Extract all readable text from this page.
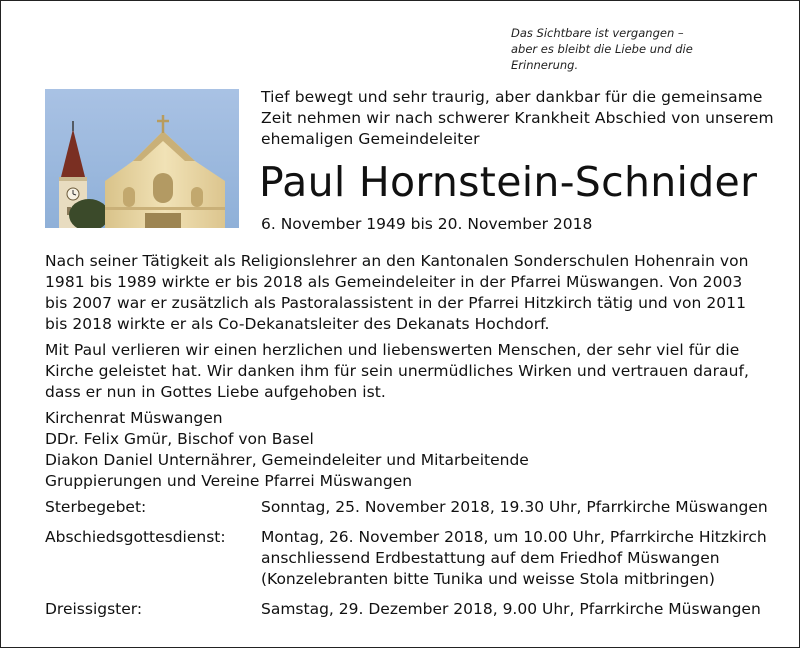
Das Sichtbare ist vergangen –
aber es bleibt die Liebe und die Erinnerung.
Tief bewegt und sehr traurig, aber dankbar für die gemeinsame
Zeit nehmen wir nach schwerer Krankheit Abschied von unserem
ehemaligen Gemeindeleiter
Paul Hornstein-Schnider
6. November 1949 bis 20. November 2018
Nach seiner Tätigkeit als Religionslehrer an den Kantonalen Sonderschulen Hohenrain von
1981 bis 1989 wirkte er bis 2018 als Gemeindeleiter in der Pfarrei Müswangen. Von 2003
bis 2007 war er zusätzlich als Pastoralassistent in der Pfarrei Hitzkirch tätig und von 2011
bis 2018 wirkte er als Co-Dekanatsleiter des Dekanats Hochdorf.
Mit Paul verlieren wir einen herzlichen und liebenswerten Menschen, der sehr viel für die
Kirche geleistet hat. Wir danken ihm für sein unermüdliches Wirken und vertrauen darauf,
dass er nun in Gottes Liebe aufgehoben ist.
Kirchenrat Müswangen
DDr. Felix Gmür, Bischof von Basel
Diakon Daniel Unternährer, Gemeindeleiter und Mitarbeitende
Gruppierungen und Vereine Pfarrei Müswangen
Sterbegebet:	Sonntag, 25. November 2018, 19.30 Uhr, Pfarrkirche Müswangen
Abschiedsgottesdienst:	Montag, 26. November 2018, um 10.00 Uhr, Pfarrkirche Hitzkirch
anschliessend Erdbestattung auf dem Friedhof Müswangen
(Konzelebranten bitte Tunika und weisse Stola mitbringen)
Dreissigster:	Samstag, 29. Dezember 2018, 9.00 Uhr, Pfarrkirche Müswangen
